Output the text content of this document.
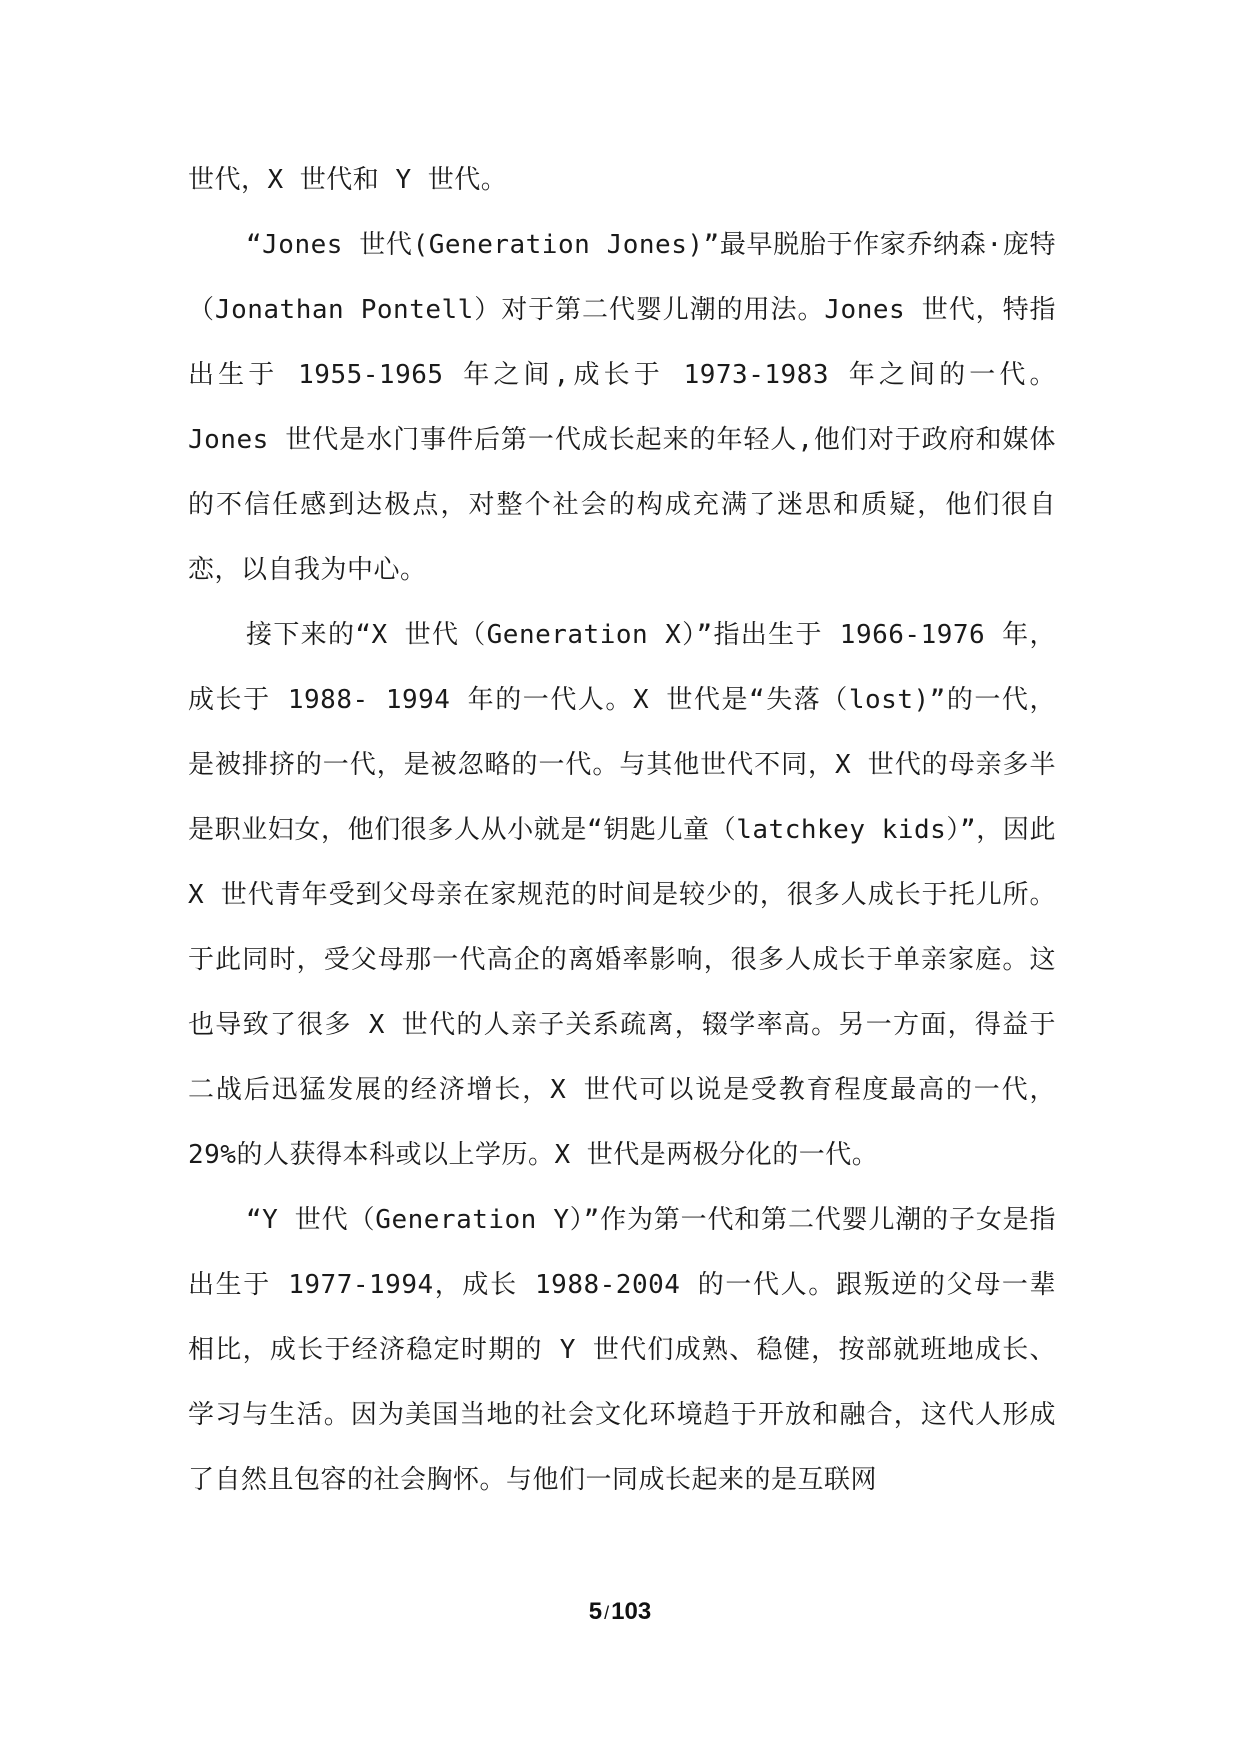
世代，X 世代和 Y 世代。

“Jones 世代(Generation Jones)”最早脱胎于作家乔纳森·庞特（Jonathan Pontell）对于第二代婴儿潮的用法。Jones 世代，特指出生于 1955-1965 年之间,成长于 1973-1983 年之间的一代。Jones 世代是水门事件后第一代成长起来的年轻人,他们对于政府和媒体的不信任感到达极点，对整个社会的构成充满了迷思和质疑，他们很自恋，以自我为中心。

接下来的“X 世代（Generation X）”指出生于 1966-1976 年，成长于 1988- 1994 年的一代人。X 世代是“失落（lost)”的一代，是被排挤的一代，是被忽略的一代。与其他世代不同，X 世代的母亲多半是职业妇女，他们很多人从小就是“钥匙儿童（latchkey kids）”，因此 X 世代青年受到父母亲在家规范的时间是较少的，很多人成长于托儿所。于此同时，受父母那一代高企的离婚率影响，很多人成长于单亲家庭。这也导致了很多 X 世代的人亲子关系疏离，辍学率高。另一方面，得益于二战后迅猛发展的经济增长，X 世代可以说是受教育程度最高的一代，29%的人获得本科或以上学历。X 世代是两极分化的一代。

“Y 世代（Generation Y）”作为第一代和第二代婴儿潮的子女是指出生于 1977-1994，成长 1988-2004 的一代人。跟叛逆的父母一辈相比，成长于经济稳定时期的 Y 世代们成熟、稳健，按部就班地成长、学习与生活。因为美国当地的社会文化环境趋于开放和融合，这代人形成了自然且包容的社会胸怀。与他们一同成长起来的是互联网

5 /103
